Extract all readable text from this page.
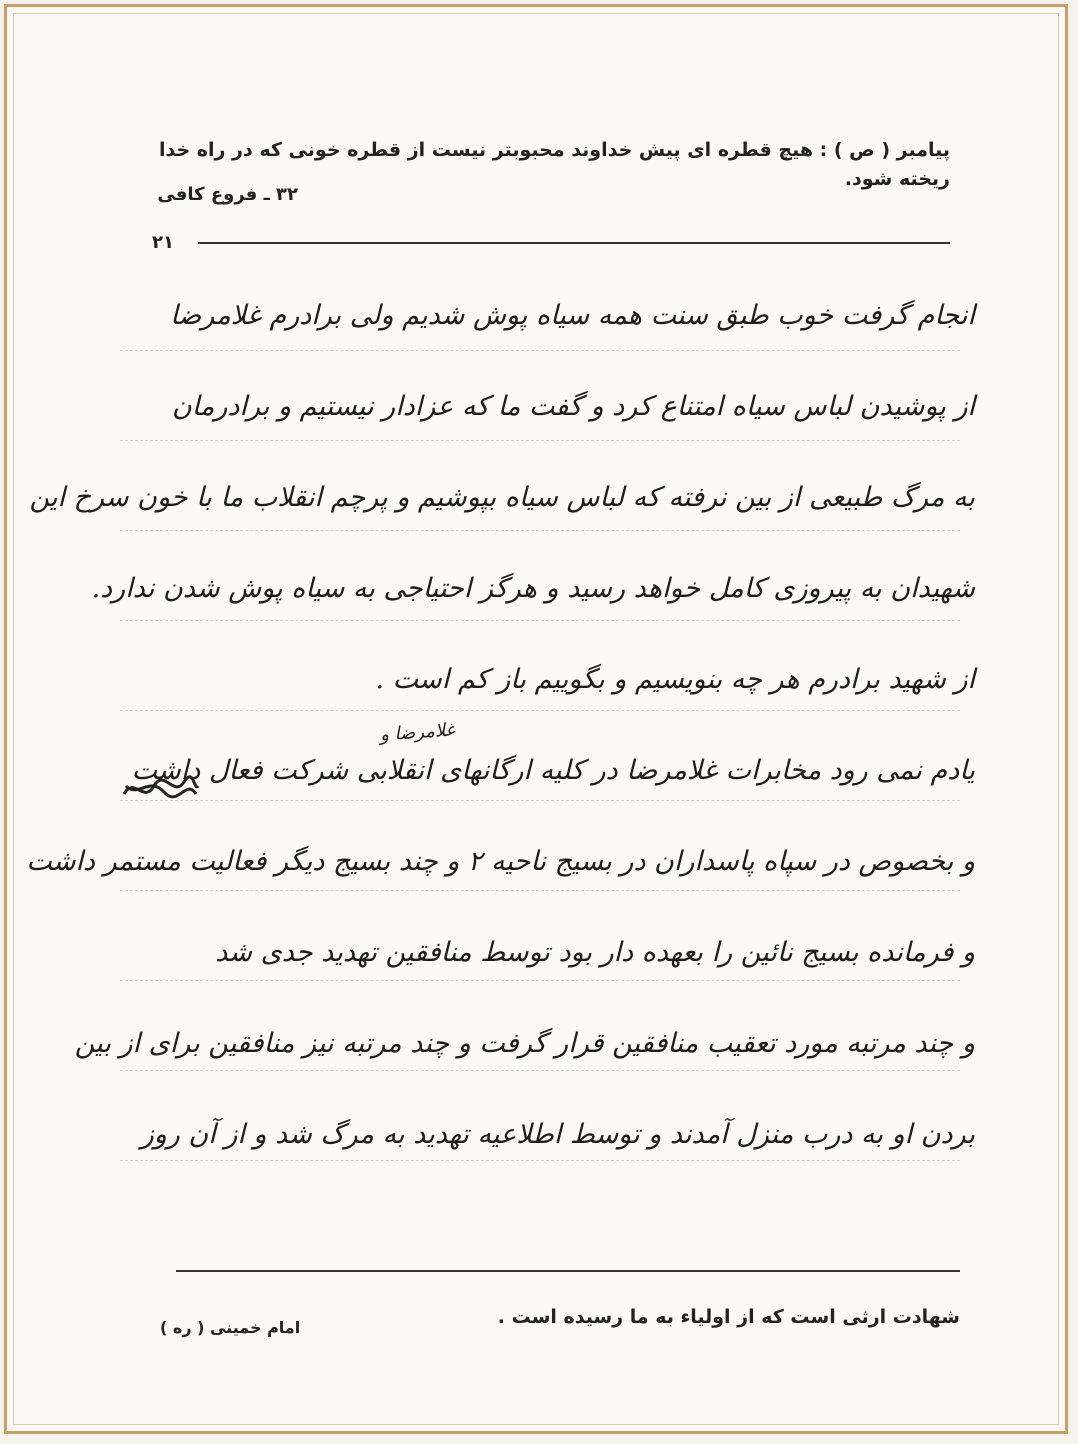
پیامبر ( ص ) : هیچ قطره ای پیش خداوند محبوبتر نیست از قطره خونی که در راه خدا ریخته شود.
۳۲ ـ فروع کافی
۲۱
انجام گرفت خوب طبق سنت همه سیاه پوش شدیم ولی برادرم غلامرضا
از پوشیدن لباس سیاه امتناع کرد و گفت ما که عزادار نیستیم و برادرمان
به مرگ طبیعی از بین نرفته که لباس سیاه بپوشیم و پرچم انقلاب ما با خون سرخ این
شهیدان به پیروزی کامل خواهد رسید و هرگز احتیاجی به سیاه پوش شدن ندارد.
از شهید برادرم هر چه بنویسیم و بگوییم باز کم است .
یادم نمی رود مخابرات غلامرضا در کلیه ارگانهای انقلابی شرکت فعال داشت
و بخصوص در سپاه پاسداران در بسیج ناحیه ۲ و چند بسیج دیگر فعالیت مستمر داشت
و فرمانده بسیج نائین را بعهده دار بود توسط منافقین تهدید جدی شد
و چند مرتبه مورد تعقیب منافقین قرار گرفت و چند مرتبه نیز منافقین برای از بین
بردن او به درب منزل آمدند و توسط اطلاعیه تهدید به مرگ شد و از آن روز
غلامرضا و
شهادت ارثی است که از اولیاء به ما رسیده است .
امام خمینی ( ره )
